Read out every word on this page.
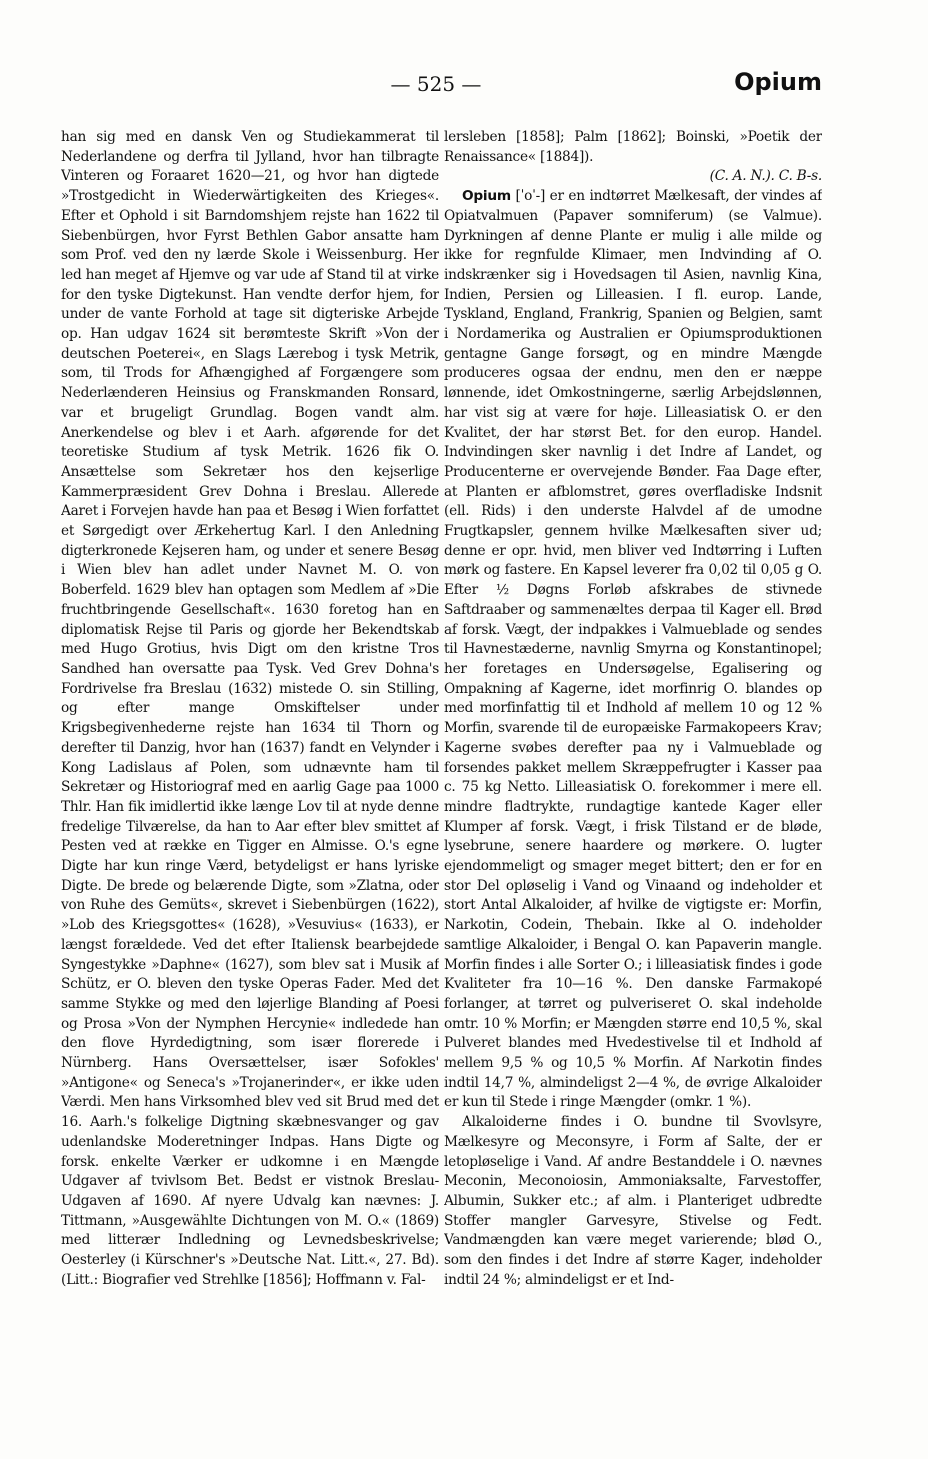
— 525 —	Opium

han sig med en dansk Ven og Studiekammerat til Nederlandene og derfra til Jylland, hvor han tilbragte Vinteren og Foraaret 1620—21, og hvor han digtede »Trostgedicht in Wiederwärtigkeiten des Krieges«. Efter et Ophold i sit Barndomshjem rejste han 1622 til Siebenbürgen, hvor Fyrst Bethlen Gabor ansatte ham som Prof. ved den ny lærde Skole i Weissenburg. Her led han meget af Hjemve og var ude af Stand til at virke for den tyske Digtekunst. Han vendte derfor hjem, for under de vante Forhold at tage sit digteriske Arbejde op. Han udgav 1624 sit berømteste Skrift »Von der deutschen Poeterei«, en Slags Lærebog i tysk Metrik, som, til Trods for Afhængighed af Forgængere som Nederlænderen Heinsius og Franskmanden Ronsard, var et brugeligt Grundlag. Bogen vandt alm. Anerkendelse og blev i et Aarh. afgørende for det teoretiske Studium af tysk Metrik. 1626 fik O. Ansættelse som Sekretær hos den kejserlige Kammerpræsident Grev Dohna i Breslau. Allerede Aaret i Forvejen havde han paa et Besøg i Wien forfattet et Sørgedigt over Ærkehertug Karl. I den Anledning digterkronede Kejseren ham, og under et senere Besøg i Wien blev han adlet under Navnet M. O. von Boberfeld. 1629 blev han optagen som Medlem af »Die fruchtbringende Gesellschaft«. 1630 foretog han en diplomatisk Rejse til Paris og gjorde her Bekendtskab med Hugo Grotius, hvis Digt om den kristne Tros Sandhed han oversatte paa Tysk. Ved Grev Dohna's Fordrivelse fra Breslau (1632) mistede O. sin Stilling, og efter mange Omskiftelser under Krigsbegivenhederne rejste han 1634 til Thorn og derefter til Danzig, hvor han (1637) fandt en Velynder i Kong Ladislaus af Polen, som udnævnte ham til Sekretær og Historiograf med en aarlig Gage paa 1000 Thlr. Han fik imidlertid ikke længe Lov til at nyde denne fredelige Tilværelse, da han to Aar efter blev smittet af Pesten ved at række en Tigger en Almisse. O.'s egne Digte har kun ringe Værd, betydeligst er hans lyriske Digte. De brede og belærende Digte, som »Zlatna, oder von Ruhe des Gemüts«, skrevet i Siebenbürgen (1622), »Lob des Kriegsgottes« (1628), »Vesuvius« (1633), er længst forældede. Ved det efter Italiensk bearbejdede Syngestykke »Daphne« (1627), som blev sat i Musik af Schütz, er O. bleven den tyske Operas Fader. Med det samme Stykke og med den løjerlige Blanding af Poesi og Prosa »Von der Nymphen Hercynie« indledede han den flove Hyrdedigtning, som især florerede i Nürnberg. Hans Oversættelser, især Sofokles' »Antigone« og Seneca's »Trojanerinder«, er ikke uden Værdi. Men hans Virksomhed blev ved sit Brud med det 16. Aarh.'s folkelige Digtning skæbnesvanger og gav udenlandske Moderetninger Indpas. Hans Digte og forsk. enkelte Værker er udkomne i en Mængde Udgaver af tvivlsom Bet. Bedst er vistnok Breslau-Udgaven af 1690. Af nyere Udvalg kan nævnes: J. Tittmann, »Ausgewählte Dichtungen von M. O.« (1869) med litterær Indledning og Levnedsbeskrivelse; Oesterley (i Kürschner's »Deutsche Nat. Litt.«, 27. Bd). (Litt.: Biografier ved Strehlke [1856]; Hoffmann v. Fal-

lersleben [1858]; Palm [1862]; Boinski, »Poetik der Renaissance« [1884]).

(C. A. N.). C. B-s.

Opium [ˈoˈ-] er en indtørret Mælkesaft, der vindes af Opiatvalmuen (Papaver somniferum) (se Valmue). Dyrkningen af denne Plante er mulig i alle milde og ikke for regnfulde Klimaer, men Indvinding af O. indskrænker sig i Hovedsagen til Asien, navnlig Kina, Indien, Persien og Lilleasien. I fl. europ. Lande, Tyskland, England, Frankrig, Spanien og Belgien, samt i Nordamerika og Australien er Opiumsproduktionen gentagne Gange forsøgt, og en mindre Mængde produceres ogsaa der endnu, men den er næppe lønnende, idet Omkostningerne, særlig Arbejdslønnen, har vist sig at være for høje. Lilleasiatisk O. er den Kvalitet, der har størst Bet. for den europ. Handel. Indvindingen sker navnlig i det Indre af Landet, og Producenterne er overvejende Bønder. Faa Dage efter, at Planten er afblomstret, gøres overfladiske Indsnit (ell. Rids) i den underste Halvdel af de umodne Frugtkapsler, gennem hvilke Mælkesaften siver ud; denne er opr. hvid, men bliver ved Indtørring i Luften mørk og fastere. En Kapsel leverer fra 0,02 til 0,05 g O. Efter ½ Døgns Forløb afskrabes de stivnede Saftdraaber og sammenæltes derpaa til Kager ell. Brød af forsk. Vægt, der indpakkes i Valmueblade og sendes til Havnestæderne, navnlig Smyrna og Konstantinopel; her foretages en Undersøgelse, Egalisering og Ompakning af Kagerne, idet morfinrig O. blandes op med morfinfattig til et Indhold af mellem 10 og 12 % Morfin, svarende til de europæiske Farmakopeers Krav; Kagerne svøbes derefter paa ny i Valmueblade og forsendes pakket mellem Skræppefrugter i Kasser paa c. 75 kg Netto. Lilleasiatisk O. forekommer i mere ell. mindre fladtrykte, rundagtige kantede Kager eller Klumper af forsk. Vægt, i frisk Tilstand er de bløde, lysebrune, senere haardere og mørkere. O. lugter ejendommeligt og smager meget bittert; den er for en stor Del opløselig i Vand og Vinaand og indeholder et stort Antal Alkaloider, af hvilke de vigtigste er: Morfin, Narkotin, Codein, Thebain. Ikke al O. indeholder samtlige Alkaloider, i Bengal O. kan Papaverin mangle. Morfin findes i alle Sorter O.; i lilleasiatisk findes i gode Kvaliteter fra 10—16 %. Den danske Farmakopé forlanger, at tørret og pulveriseret O. skal indeholde omtr. 10 % Morfin; er Mængden større end 10,5 %, skal Pulveret blandes med Hvedestivelse til et Indhold af mellem 9,5 % og 10,5 % Morfin. Af Narkotin findes indtil 14,7 %, almindeligst 2—4 %, de øvrige Alkaloider er kun til Stede i ringe Mængder (omkr. 1 %).

Alkaloiderne findes i O. bundne til Svovlsyre, Mælkesyre og Meconsyre, i Form af Salte, der er letopløselige i Vand. Af andre Bestanddele i O. nævnes Meconin, Meconoiosin, Ammoniaksalte, Farvestoffer, Albumin, Sukker etc.; af alm. i Planteriget udbredte Stoffer mangler Garvesyre, Stivelse og Fedt. Vandmængden kan være meget varierende; blød O., som den findes i det Indre af større Kager, indeholder indtil 24 %; almindeligst er et Ind-
